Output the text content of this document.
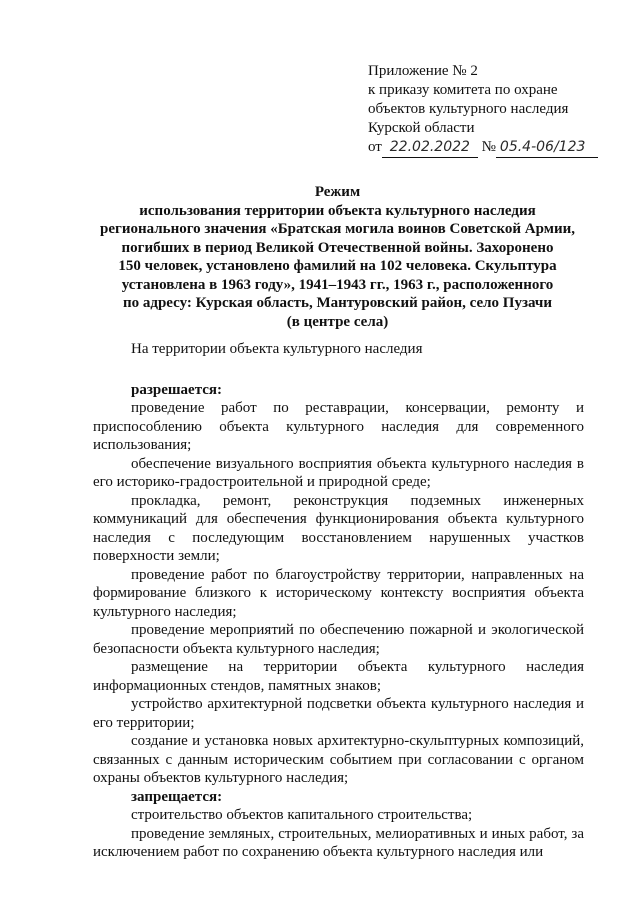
Приложение № 2
к приказу комитета по охране
объектов культурного наследия
Курской области
от 22.02.2022 № 05.4-06/123
Режим
использования территории объекта культурного наследия
регионального значения «Братская могила воинов Советской Армии,
погибших в период Великой Отечественной войны. Захоронено
150 человек, установлено фамилий на 102 человека. Скульптура
установлена в 1963 году», 1941–1943 гг., 1963 г., расположенного
по адресу: Курская область, Мантуровский район, село Пузачи
(в центре села)

На территории объекта культурного наследия

разрешается:

проведение работ по реставрации, консервации, ремонту и приспособлению объекта культурного наследия для современного использования;

обеспечение визуального восприятия объекта культурного наследия в его историко-градостроительной и природной среде;

прокладка, ремонт, реконструкция подземных инженерных коммуникаций для обеспечения функционирования объекта культурного наследия с последующим восстановлением нарушенных участков поверхности земли;

проведение работ по благоустройству территории, направленных на формирование близкого к историческому контексту восприятия объекта культурного наследия;

проведение мероприятий по обеспечению пожарной и экологической безопасности объекта культурного наследия;

размещение на территории объекта культурного наследия информационных стендов, памятных знаков;

устройство архитектурной подсветки объекта культурного наследия и его территории;

создание и установка новых архитектурно-скульптурных композиций, связанных с данным историческим событием при согласовании с органом охраны объектов культурного наследия;

запрещается:

строительство объектов капитального строительства;

проведение земляных, строительных, мелиоративных и иных работ, за исключением работ по сохранению объекта культурного наследия или
